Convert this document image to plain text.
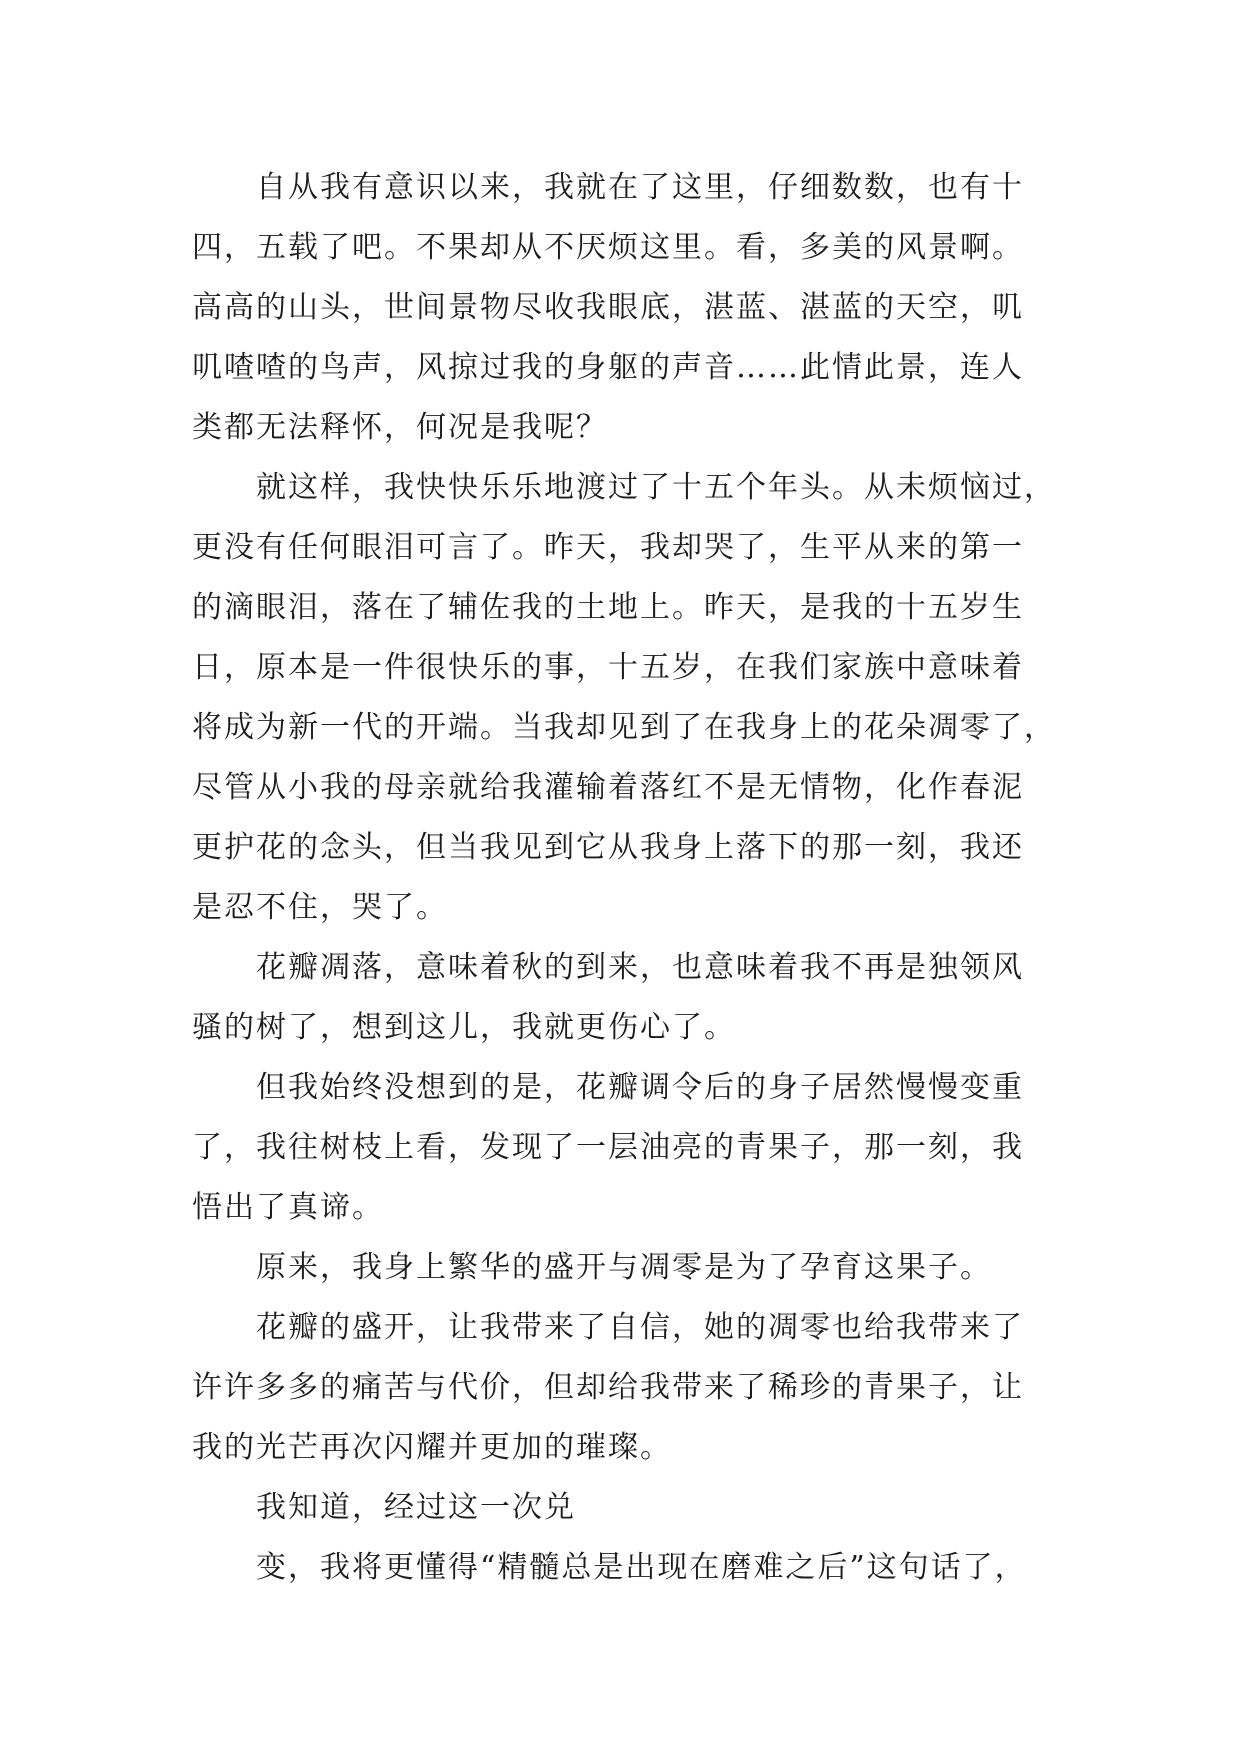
自从我有意识以来，我就在了这里，仔细数数，也有十
四，五载了吧。不果却从不厌烦这里。看，多美的风景啊。
高高的山头，世间景物尽收我眼底，湛蓝、湛蓝的天空，叽
叽喳喳的鸟声，风掠过我的身躯的声音……此情此景，连人
类都无法释怀，何况是我呢？
就这样，我快快乐乐地渡过了十五个年头。从未烦恼过，
更没有任何眼泪可言了。昨天，我却哭了，生平从来的第一
的滴眼泪，落在了辅佐我的土地上。昨天，是我的十五岁生
日，原本是一件很快乐的事，十五岁，在我们家族中意味着
将成为新一代的开端。当我却见到了在我身上的花朵凋零了，
尽管从小我的母亲就给我灌输着落红不是无情物，化作春泥
更护花的念头，但当我见到它从我身上落下的那一刻，我还
是忍不住，哭了。
花瓣凋落，意味着秋的到来，也意味着我不再是独领风
骚的树了，想到这儿，我就更伤心了。
但我始终没想到的是，花瓣调令后的身子居然慢慢变重
了，我往树枝上看，发现了一层油亮的青果子，那一刻，我
悟出了真谛。
原来，我身上繁华的盛开与凋零是为了孕育这果子。
花瓣的盛开，让我带来了自信，她的凋零也给我带来了
许许多多的痛苦与代价，但却给我带来了稀珍的青果子，让
我的光芒再次闪耀并更加的璀璨。
我知道，经过这一次兑
变，我将更懂得“精髓总是出现在磨难之后”这句话了，
